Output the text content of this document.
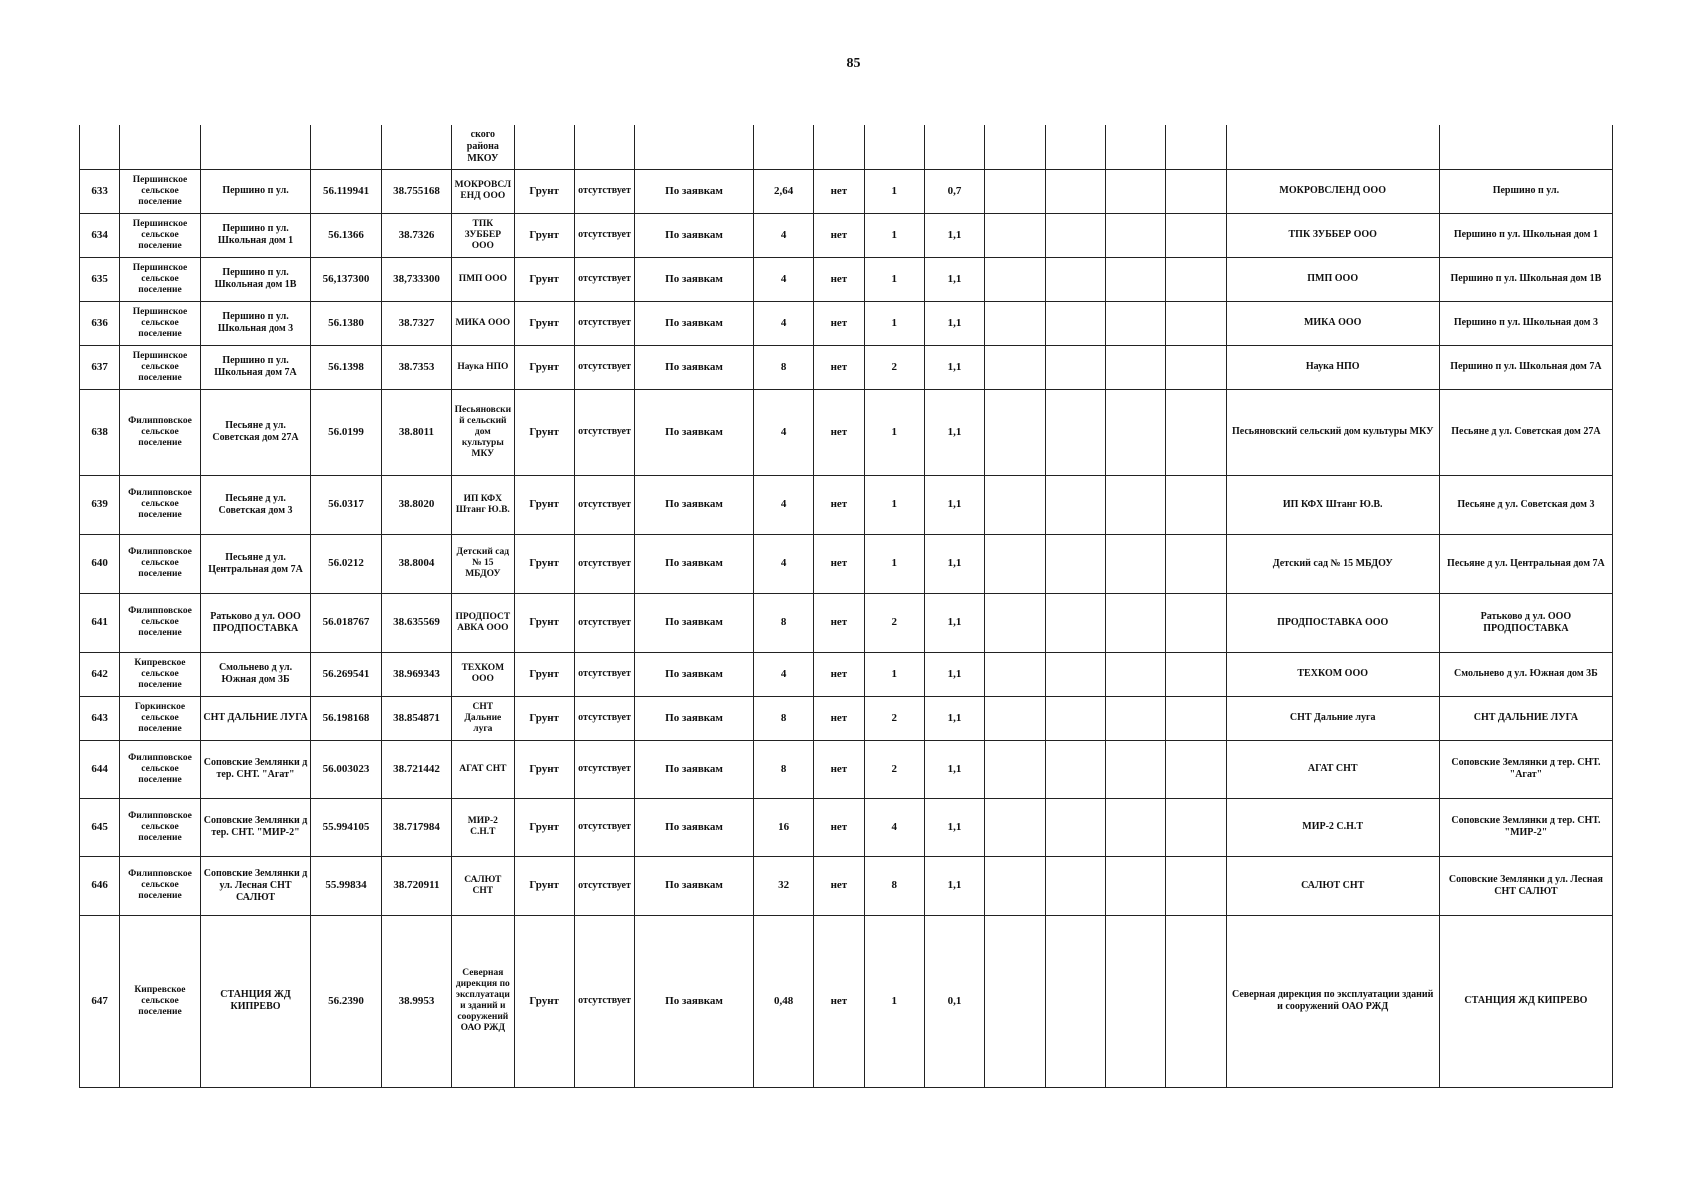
85
					ского района МКОУ													
633	Першинское сельское поселение	Першино п ул.	56.119941	38.755168	МОКРОВСЛЕНД ООО	Грунт	отсутствует	По заявкам	2,64	нет	1	0,7					МОКРОВСЛЕНД ООО	Першино п ул.
634	Першинское сельское поселение	Першино п ул. Школьная дом 1	56.1366	38.7326	ТПК ЗУББЕР ООО	Грунт	отсутствует	По заявкам	4	нет	1	1,1					ТПК ЗУББЕР ООО	Першино п ул. Школьная дом 1
635	Першинское сельское поселение	Першино п ул. Школьная дом 1В	56,137300	38,733300	ПМП ООО	Грунт	отсутствует	По заявкам	4	нет	1	1,1					ПМП ООО	Першино п ул. Школьная дом 1В
636	Першинское сельское поселение	Першино п ул. Школьная дом 3	56.1380	38.7327	МИКА ООО	Грунт	отсутствует	По заявкам	4	нет	1	1,1					МИКА ООО	Першино п ул. Школьная дом 3
637	Першинское сельское поселение	Першино п ул. Школьная дом 7А	56.1398	38.7353	Наука НПО	Грунт	отсутствует	По заявкам	8	нет	2	1,1					Наука НПО	Першино п ул. Школьная дом 7А
638	Филипповское сельское поселение	Песьяне д ул. Советская дом 27А	56.0199	38.8011	Песьяновский сельский дом культуры МКУ	Грунт	отсутствует	По заявкам	4	нет	1	1,1					Песьяновский сельский дом культуры МКУ	Песьяне д ул. Советская дом 27А
639	Филипповское сельское поселение	Песьяне д ул. Советская дом 3	56.0317	38.8020	ИП КФХ Штанг Ю.В.	Грунт	отсутствует	По заявкам	4	нет	1	1,1					ИП КФХ Штанг Ю.В.	Песьяне д ул. Советская дом 3
640	Филипповское сельское поселение	Песьяне д ул. Центральная дом 7А	56.0212	38.8004	Детский сад № 15 МБДОУ	Грунт	отсутствует	По заявкам	4	нет	1	1,1					Детский сад № 15 МБДОУ	Песьяне д ул. Центральная дом 7А
641	Филипповское сельское поселение	Ратьково д ул. ООО ПРОДПОСТАВКА	56.018767	38.635569	ПРОДПОСТАВКА ООО	Грунт	отсутствует	По заявкам	8	нет	2	1,1					ПРОДПОСТАВКА ООО	Ратьково д ул. ООО ПРОДПОСТАВКА
642	Кипревское сельское поселение	Смольнево д ул. Южная дом 3Б	56.269541	38.969343	ТЕХКОМ ООО	Грунт	отсутствует	По заявкам	4	нет	1	1,1					ТЕХКОМ ООО	Смольнево д ул. Южная дом 3Б
643	Горкинское сельское поселение	СНТ ДАЛЬНИЕ ЛУГА	56.198168	38.854871	СНТ Дальние луга	Грунт	отсутствует	По заявкам	8	нет	2	1,1					СНТ Дальние луга	СНТ ДАЛЬНИЕ ЛУГА
644	Филипповское сельское поселение	Соповские Землянки д тер. СНТ. "Агат"	56.003023	38.721442	АГАТ СНТ	Грунт	отсутствует	По заявкам	8	нет	2	1,1					АГАТ СНТ	Соповские Землянки д тер. СНТ. "Агат"
645	Филипповское сельское поселение	Соповские Землянки д тер. СНТ. "МИР-2"	55.994105	38.717984	МИР-2 С.Н.Т	Грунт	отсутствует	По заявкам	16	нет	4	1,1					МИР-2 С.Н.Т	Соповские Землянки д тер. СНТ. "МИР-2"
646	Филипповское сельское поселение	Соповские Землянки д ул. Лесная СНТ САЛЮТ	55.99834	38.720911	САЛЮТ СНТ	Грунт	отсутствует	По заявкам	32	нет	8	1,1					САЛЮТ СНТ	Соповские Землянки д ул. Лесная СНТ САЛЮТ
647	Кипревское сельское поселение	СТАНЦИЯ ЖД КИПРЕВО	56.2390	38.9953	Северная дирекция по эксплуатации зданий и сооружений ОАО РЖД	Грунт	отсутствует	По заявкам	0,48	нет	1	0,1					Северная дирекция по эксплуатации зданий и сооружений ОАО РЖД	СТАНЦИЯ ЖД КИПРЕВО
